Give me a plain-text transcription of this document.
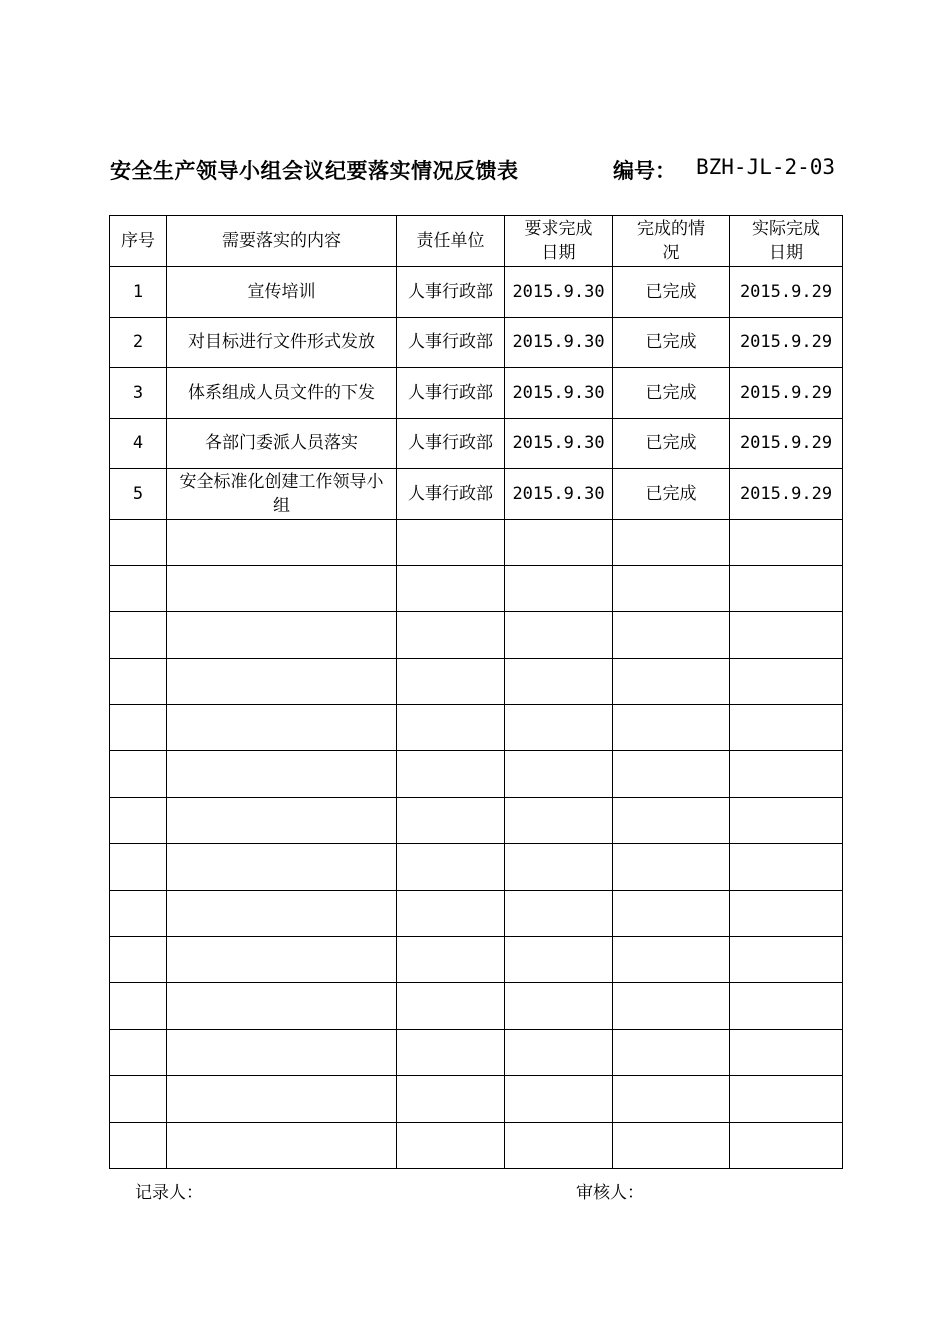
安全生产领导小组会议纪要落实情况反馈表	编号： BZH-JL-2-03
序号	需要落实的内容	责任单位	要求完成日期	完成的情况	实际完成日期
1	宣传培训	人事行政部	2015.9.30	已完成	2015.9.29
2	对目标进行文件形式发放	人事行政部	2015.9.30	已完成	2015.9.29
3	体系组成人员文件的下发	人事行政部	2015.9.30	已完成	2015.9.29
4	各部门委派人员落实	人事行政部	2015.9.30	已完成	2015.9.29
5	安全标准化创建工作领导小组	人事行政部	2015.9.30	已完成	2015.9.29

记录人：	审核人：
